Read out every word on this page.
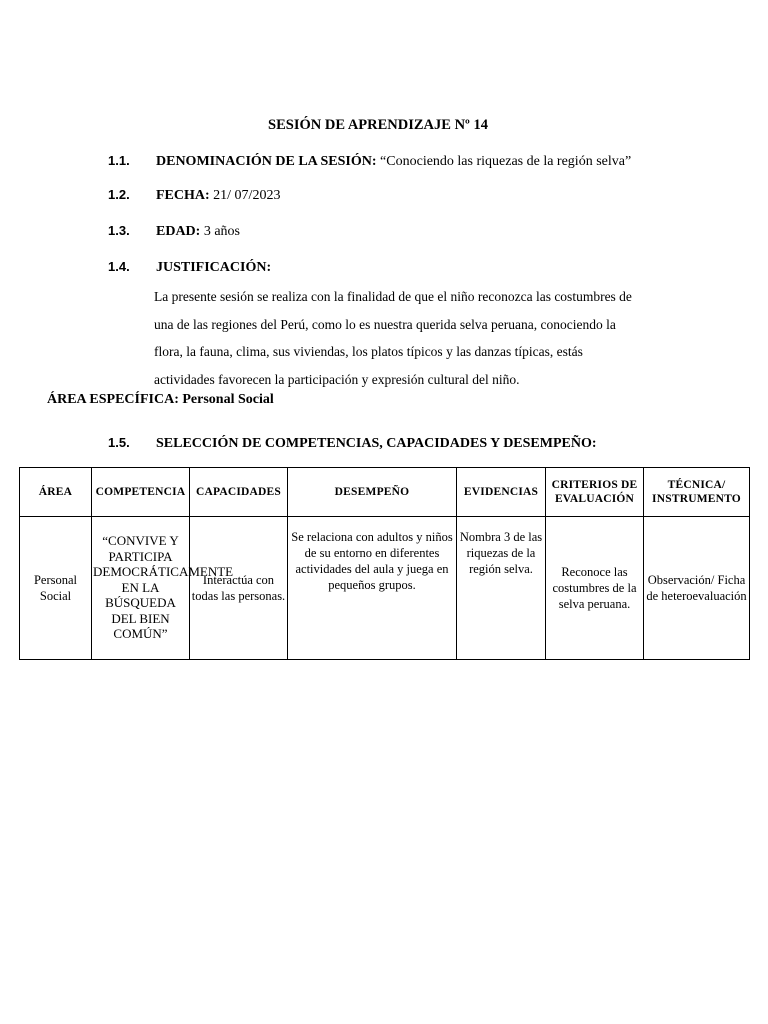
SESIÓN DE APRENDIZAJE Nº 14
1.1. DENOMINACIÓN DE LA SESIÓN: “Conociendo las riquezas de la región selva”
1.2. FECHA: 21/ 07/2023
1.3. EDAD: 3 años
1.4. JUSTIFICACIÓN:
La presente sesión se realiza con la finalidad de que el niño reconozca las costumbres de
una de las regiones del Perú, como lo es nuestra querida selva peruana, conociendo la
flora, la fauna, clima, sus viviendas, los platos típicos y las danzas típicas, estás
actividades favorecen la participación y expresión cultural del niño.
ÁREA ESPECÍFICA: Personal Social
1.5. SELECCIÓN DE COMPETENCIAS, CAPACIDADES Y DESEMPEÑO:
ÁREA	COMPETENCIA	CAPACIDADES	DESEMPEÑO	EVIDENCIAS	CRITERIOS DE EVALUACIÓN	TÉCNICA/ INSTRUMENTO
Personal Social	“CONVIVE Y PARTICIPA DEMOCRÁTICAMENTE EN LA BÚSQUEDA DEL BIEN COMÚN”	Interactúa con todas las personas.	Se relaciona con adultos y niños de su entorno en diferentes actividades del aula y juega en pequeños grupos.	Nombra 3 de las riquezas de la región selva.	Reconoce las costumbres de la selva peruana.	Observación/ Ficha de heteroevaluación
